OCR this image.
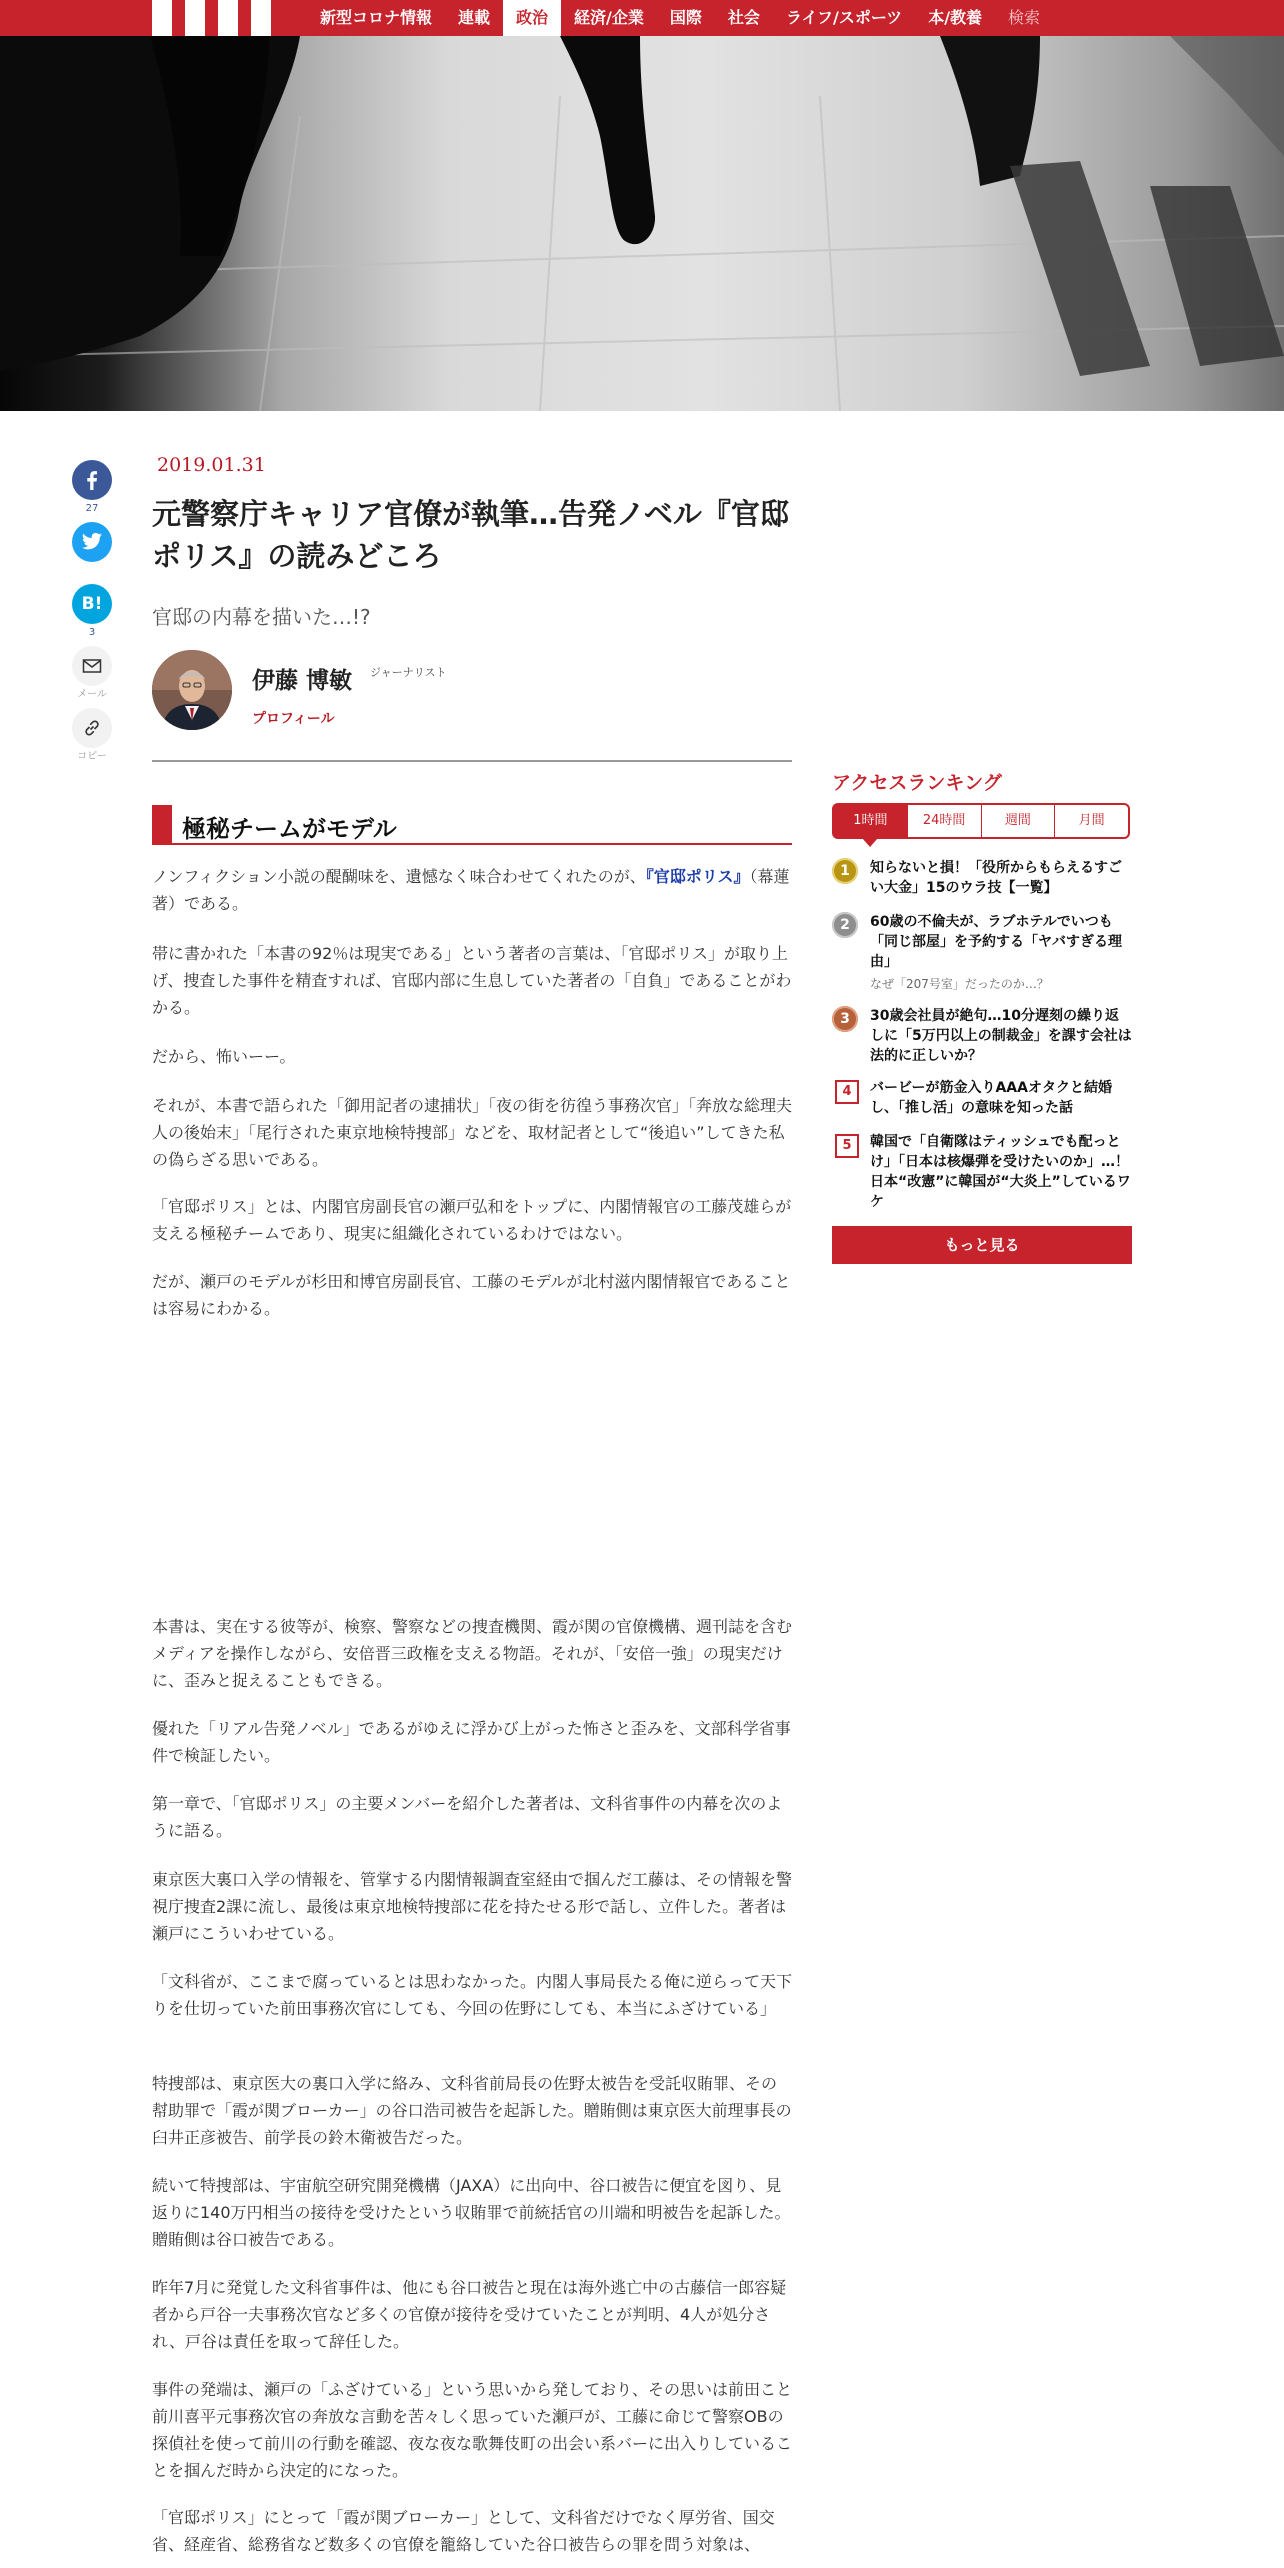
新型コロナ情報	連載	政治	経済/企業	国際	社会	ライフ/スポーツ	本/教養	検索
27
B!
3
メール
コピー
2019.01.31
元警察庁キャリア官僚が執筆…告発ノベル『官邸ポリス』の読みどころ
官邸の内幕を描いた…!?
伊藤 博敏 ジャーナリスト
プロフィール
極秘チームがモデル

ノンフィクション小説の醍醐味を、遺憾なく味合わせてくれたのが、『官邸ポリス』（幕蓮著）である。

帯に書かれた「本書の92％は現実である」という著者の言葉は、「官邸ポリス」が取り上げ、捜査した事件を精査すれば、官邸内部に生息していた著者の「自負」であることがわかる。

だから、怖いーー。

それが、本書で語られた「御用記者の逮捕状」「夜の街を彷徨う事務次官」「奔放な総理夫人の後始末」「尾行された東京地検特捜部」などを、取材記者として“後追い”してきた私の偽らざる思いである。

「官邸ポリス」とは、内閣官房副長官の瀬戸弘和をトップに、内閣情報官の工藤茂雄らが支える極秘チームであり、現実に組織化されているわけではない。

だが、瀬戸のモデルが杉田和博官房副長官、工藤のモデルが北村滋内閣情報官であることは容易にわかる。

本書は、実在する彼等が、検察、警察などの捜査機関、霞が関の官僚機構、週刊誌を含むメディアを操作しながら、安倍晋三政権を支える物語。それが、「安倍一強」の現実だけに、歪みと捉えることもできる。

優れた「リアル告発ノベル」であるがゆえに浮かび上がった怖さと歪みを、文部科学省事件で検証したい。

第一章で、「官邸ポリス」の主要メンバーを紹介した著者は、文科省事件の内幕を次のように語る。

東京医大裏口入学の情報を、管掌する内閣情報調査室経由で掴んだ工藤は、その情報を警視庁捜査2課に流し、最後は東京地検特捜部に花を持たせる形で話し、立件した。著者は瀬戸にこういわせている。

「文科省が、ここまで腐っているとは思わなかった。内閣人事局長たる俺に逆らって天下りを仕切っていた前田事務次官にしても、今回の佐野にしても、本当にふざけている」

特捜部は、東京医大の裏口入学に絡み、文科省前局長の佐野太被告を受託収賄罪、その幇助罪で「霞が関ブローカー」の谷口浩司被告を起訴した。贈賄側は東京医大前理事長の臼井正彦被告、前学長の鈴木衛被告だった。

続いて特捜部は、宇宙航空研究開発機構（JAXA）に出向中、谷口被告に便宜を図り、見返りに140万円相当の接待を受けたという収賄罪で前統括官の川端和明被告を起訴した。贈賄側は谷口被告である。

昨年7月に発覚した文科省事件は、他にも谷口被告と現在は海外逃亡中の古藤信一郎容疑者から戸谷一夫事務次官など多くの官僚が接待を受けていたことが判明、4人が処分され、戸谷は責任を取って辞任した。

事件の発端は、瀬戸の「ふざけている」という思いから発しており、その思いは前田こと前川喜平元事務次官の奔放な言動を苦々しく思っていた瀬戸が、工藤に命じて警察OBの探偵社を使って前川の行動を確認、夜な夜な歌舞伎町の出会い系バーに出入りしていることを掴んだ時から決定的になった。

「官邸ポリス」にとって「霞が関ブローカー」として、文科省だけでなく厚労省、国交省、経産省、総務省など数多くの官僚を籠絡していた谷口被告らの罪を問う対象は、

アクセスランキング
1時間	24時間	週間	月間
1	知らないと損！「役所からもらえるすごい大金」15のウラ技【一覧】
2	60歳の不倫夫が、ラブホテルでいつも「同じ部屋」を予約する「ヤバすぎる理由」
なぜ「207号室」だったのか…？
3	30歳会社員が絶句…10分遅刻の繰り返しに「5万円以上の制裁金」を課す会社は法的に正しいか？
4	バービーが筋金入りAAAオタクと結婚し、「推し活」の意味を知った話
5	韓国で「自衛隊はティッシュでも配っとけ」「日本は核爆弾を受けたいのか」…！ 日本“改憲”に韓国が“大炎上”しているワケ
もっと見る
